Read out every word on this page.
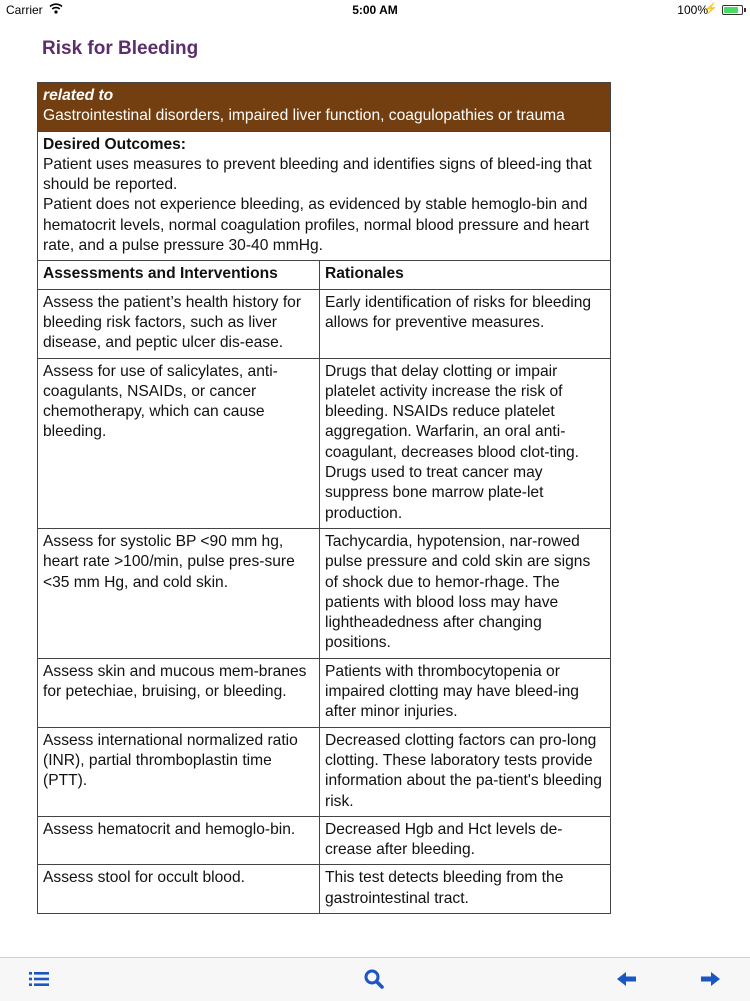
Carrier	5:00 AM	100%
⚡
Risk for Bleeding
related to
Gastrointestinal disorders, impaired liver function, coagulopathies or trauma	

Desired Outcomes:
Patient uses measures to prevent bleeding and identifies signs of bleed-ing that should be reported.
Patient does not experience bleeding, as evidenced by stable hemoglo-bin and hematocrit levels, normal coagulation profiles, normal blood pressure and heart rate, and a pulse pressure 30-40 mmHg.	

Assessments and Interventions	Rationales
Assess the patient’s health history for bleeding risk factors, such as liver disease, and peptic ulcer dis-ease.	Early identification of risks for bleeding allows for preventive measures.
Assess for use of salicylates, anti-coagulants, NSAIDs, or cancer chemotherapy, which can cause bleeding.	Drugs that delay clotting or impair platelet activity increase the risk of bleeding. NSAIDs reduce platelet aggregation. Warfarin, an oral anti-coagulant, decreases blood clot-ting. Drugs used to treat cancer may suppress bone marrow plate-let production.
Assess for systolic BP <90 mm hg, heart rate >100/min, pulse pres-sure <35 mm Hg, and cold skin.	Tachycardia, hypotension, nar-rowed pulse pressure and cold skin are signs of shock due to hemor-rhage. The patients with blood loss may have lightheadedness after changing positions.
Assess skin and mucous mem-branes for petechiae, bruising, or bleeding.	Patients with thrombocytopenia or impaired clotting may have bleed-ing after minor injuries.
Assess international normalized ratio (INR), partial thromboplastin time (PTT).	Decreased clotting factors can pro-long clotting. These laboratory tests provide information about the pa-tient's bleeding risk.
Assess hematocrit and hemoglo-bin.	Decreased Hgb and Hct levels de-crease after bleeding.
Assess stool for occult blood.	This test detects bleeding from the gastrointestinal tract.
